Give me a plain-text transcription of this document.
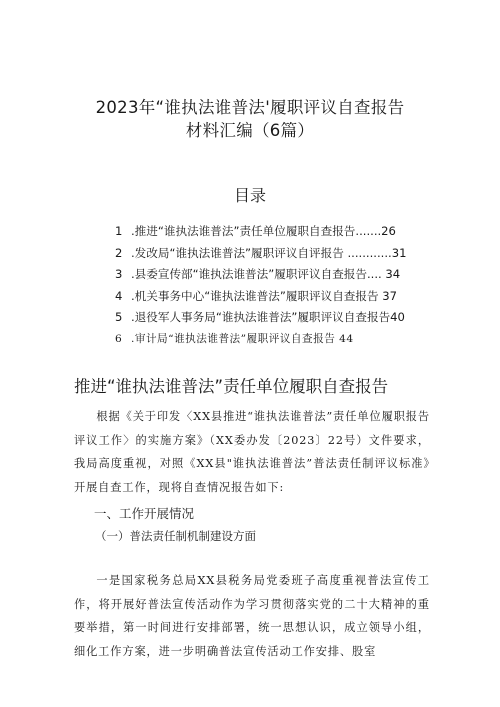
2023年“谁执法谁普法'履职评议自查报告
材料汇编（6篇）
目录
1 .推进“谁执法谁普法”责任单位履职自查报告.......26
2 .发改局“谁执法谁普法”履职评议自评报告 ............31
3 .县委宣传部“谁执法谁普法”履职评议自查报告.... 34
4 .机关事务中心“谁执法谁普法”履职评议自查报告 37
5 .退役军人事务局“谁执法谁普法”履职评议自查报告40
6 .审计局“谁执法谁普法”履职评议自查报告 44
推进“谁执法谁普法”责任单位履职自查报告

根据《关于印发〈XX县推进“谁执法谁普法”责任单位履职报告评议工作〉的实施方案》（XX委办发〔2023〕22号）文件要求，我局高度重视，对照《XX县"谁执法谁普法”普法责任制评议标准》开展自查工作，现将自查情况报告如下:

一、工作开展情况
（一）普法责任制机制建设方面

一是国家税务总局XX县税务局党委班子高度重视普法宣传工作，将开展好普法宣传活动作为学习贯彻落实党的二十大精神的重要举措，第一时间进行安排部署，统一思想认识，成立领导小组，细化工作方案，进一步明确普法宣传活动工作安排、股室
